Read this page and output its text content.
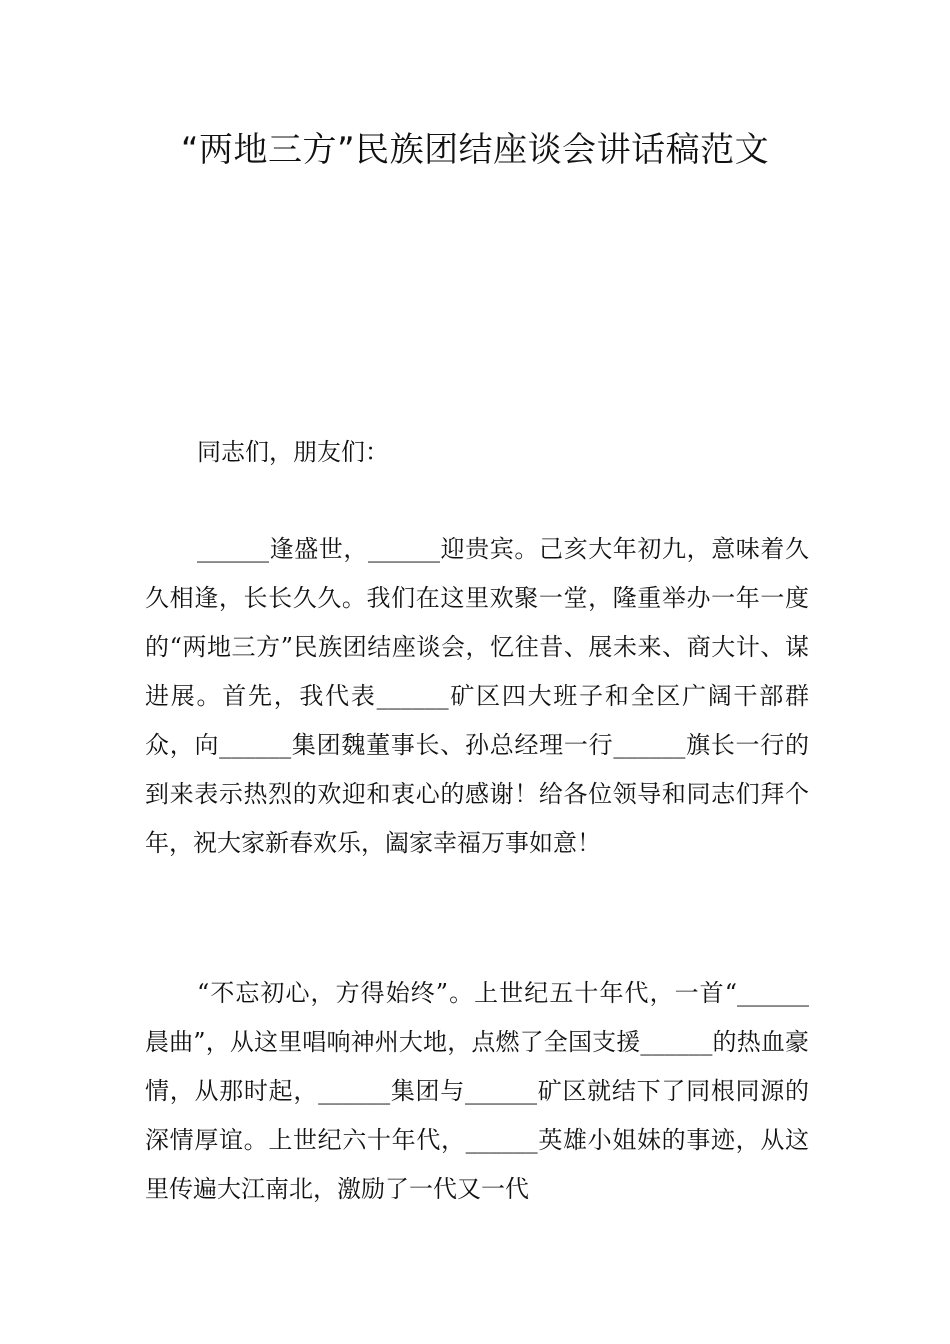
“两地三方”民族团结座谈会讲话稿范文

同志们，朋友们：

______逢盛世，______迎贵宾。己亥大年初九，意味着久久相逢，长长久久。我们在这里欢聚一堂，隆重举办一年一度的“两地三方”民族团结座谈会，忆往昔、展未来、商大计、谋进展。首先，我代表______矿区四大班子和全区广阔干部群众，向______集团魏董事长、孙总经理一行______旗长一行的到来表示热烈的欢迎和衷心的感谢！给各位领导和同志们拜个年，祝大家新春欢乐，阖家幸福万事如意！

“不忘初心，方得始终”。上世纪五十年代，一首“______晨曲”，从这里唱响神州大地，点燃了全国支援______的热血豪情，从那时起，______集团与______矿区就结下了同根同源的深情厚谊。上世纪六十年代，______英雄小姐妹的事迹，从这里传遍大江南北，激励了一代又一代
